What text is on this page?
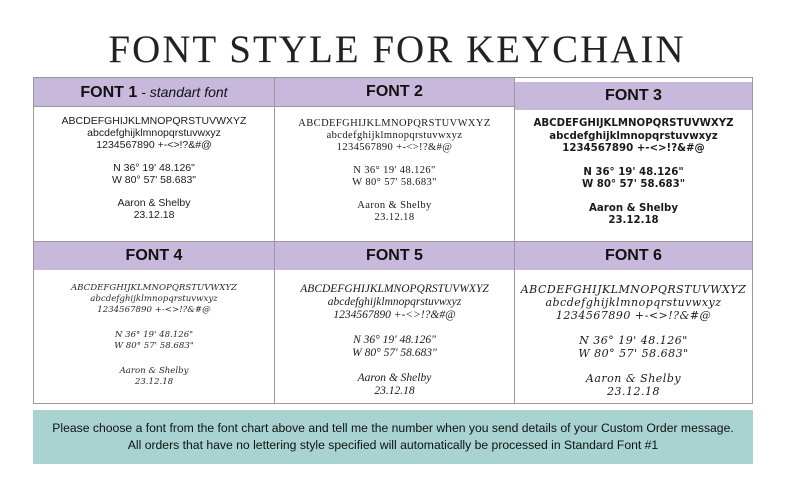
FONT STYLE FOR KEYCHAIN
FONT 1 - standart font
ABCDEFGHIJKLMNOPQRSTUVWXYZ
abcdefghijklmnopqrstuvwxyz
1234567890 +-<>!?&#@
N 36° 19' 48.126"
W 80° 57' 58.683"
Aaron & Shelby
23.12.18
FONT 2
ABCDEFGHIJKLMNOPQRSTUVWXYZ
abcdefghijklmnopqrstuvwxyz
1234567890 +-<>!?&#@
N 36° 19' 48.126"
W 80° 57' 58.683"
Aaron & Shelby
23.12.18
FONT 3
ABCDEFGHIJKLMNOPQRSTUVWXYZ
abcdefghijklmnopqrstuvwxyz
1234567890 +-<>!?&#@
N 36° 19' 48.126"
W 80° 57' 58.683"
Aaron & Shelby
23.12.18
FONT 4
ABCDEFGHIJKLMNOPQRSTUVWXYZ
abcdefghijklmnopqrstuvwxyz
1234567890 +-<>!?&#@
N 36° 19' 48.126"
W 80° 57' 58.683"
Aaron & Shelby
23.12.18
FONT 5
ABCDEFGHIJKLMNOPQRSTUVWXYZ
abcdefghijklmnopqrstuvwxyz
1234567890 +-<>!?&#@
N 36° 19' 48.126"
W 80° 57' 58.683"
Aaron & Shelby
23.12.18
FONT 6
ABCDEFGHIJKLMNOPQRSTUVWXYZ
abcdefghijklmnopqrstuvwxyz
1234567890 +-<>!?&#@
N 36° 19' 48.126"
W 80° 57' 58.683"
Aaron & Shelby
23.12.18
Please choose a font from the font chart above and tell me the number when you send details of your Custom Order message.
All orders that have no lettering style specified will automatically be processed in Standard Font #1
